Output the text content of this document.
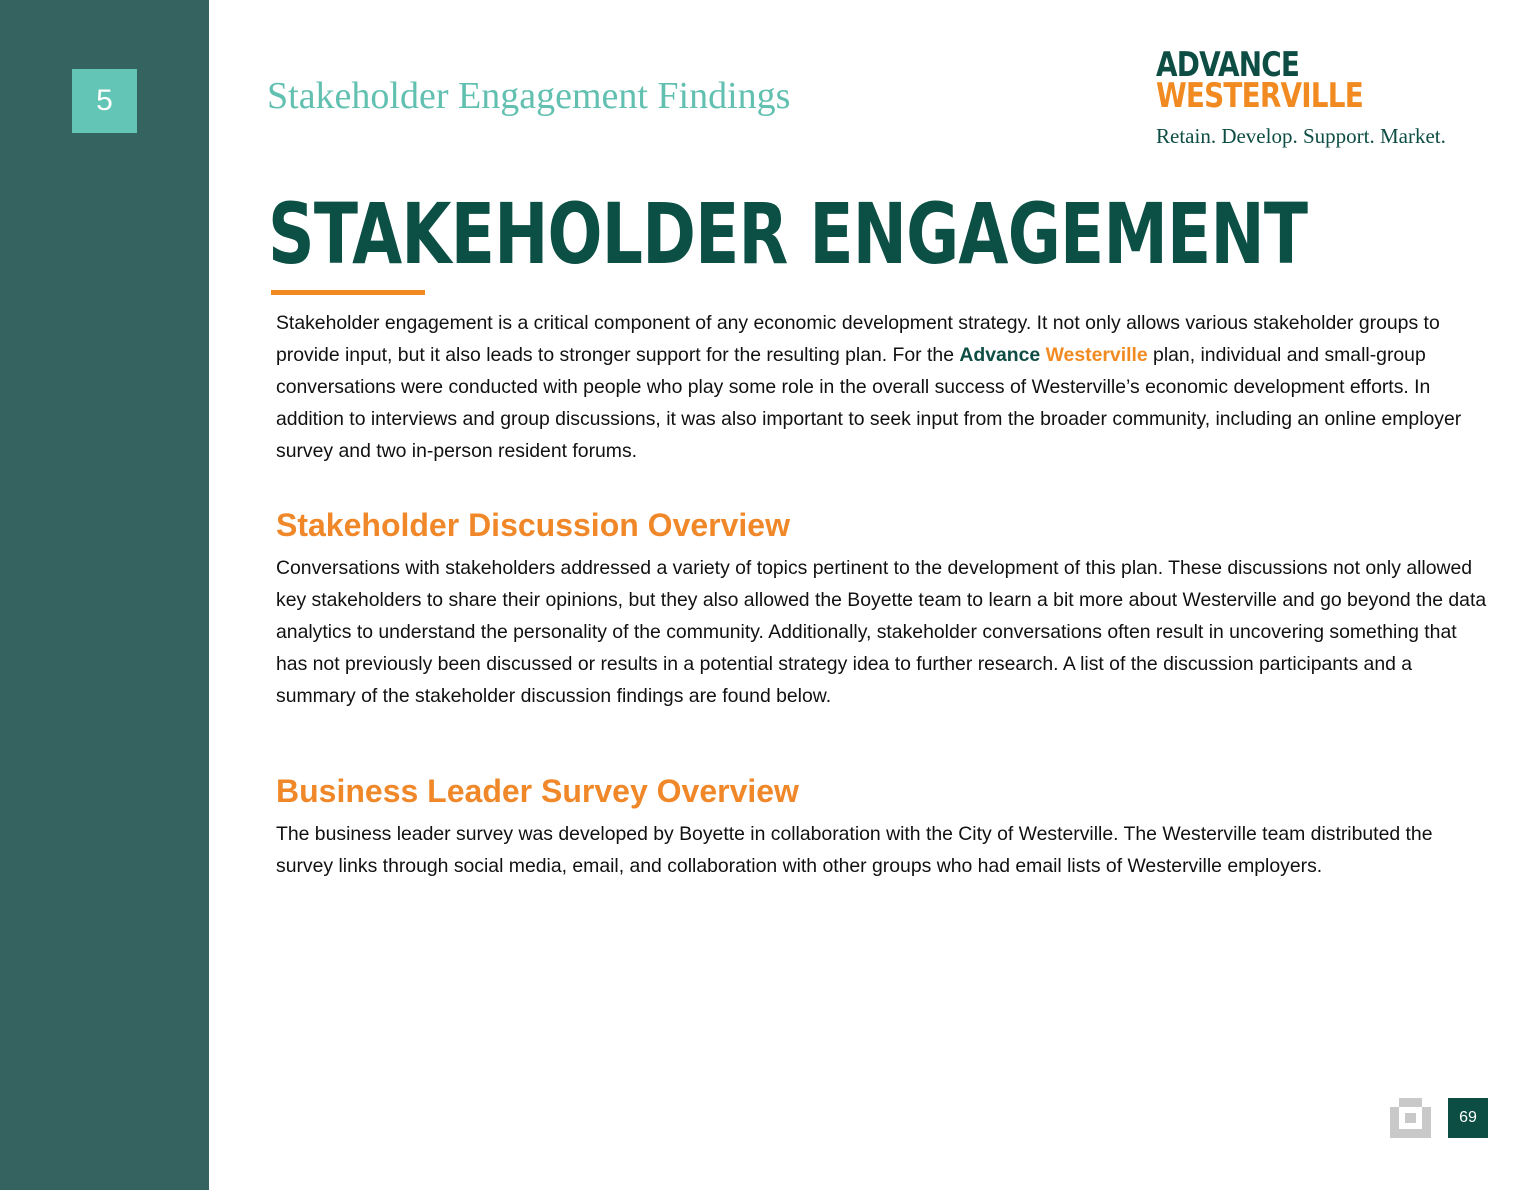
5	Stakeholder Engagement Findings
ADVANCE
WESTERVILLE
Retain. Develop. Support. Market.
STAKEHOLDER ENGAGEMENT

Stakeholder engagement is a critical component of any economic development strategy. It not only allows various stakeholder groups to provide input, but it also leads to stronger support for the resulting plan. For the Advance Westerville plan, individual and small-group conversations were conducted with people who play some role in the overall success of Westerville’s economic development efforts. In addition to interviews and group discussions, it was also important to seek input from the broader community, including an online employer survey and two in-person resident forums.

Stakeholder Discussion Overview

Conversations with stakeholders addressed a variety of topics pertinent to the development of this plan. These discussions not only allowed key stakeholders to share their opinions, but they also allowed the Boyette team to learn a bit more about Westerville and go beyond the data analytics to understand the personality of the community. Additionally, stakeholder conversations often result in uncovering something that has not previously been discussed or results in a potential strategy idea to further research. A list of the discussion participants and a summary of the stakeholder discussion findings are found below.

Business Leader Survey Overview

The business leader survey was developed by Boyette in collaboration with the City of Westerville. The Westerville team distributed the survey links through social media, email, and collaboration with other groups who had email lists of Westerville employers.

69
